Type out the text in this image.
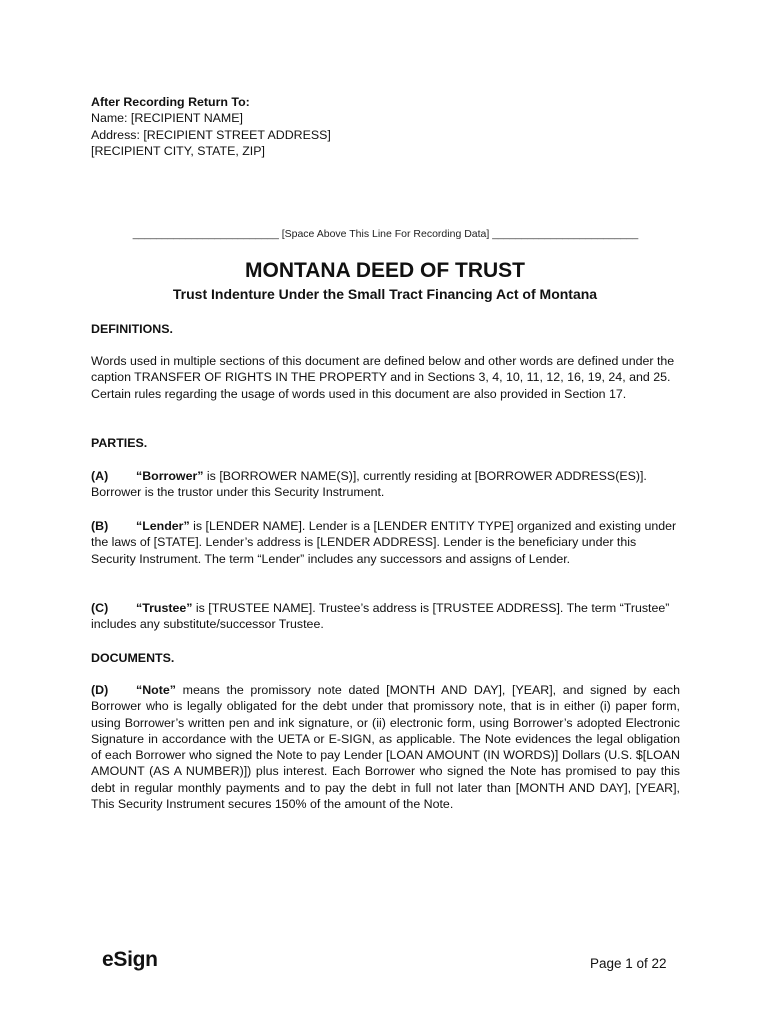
After Recording Return To:
Name: [RECIPIENT NAME]
Address: [RECIPIENT STREET ADDRESS]
[RECIPIENT CITY, STATE, ZIP]
_________________________ [Space Above This Line For Recording Data] _________________________
MONTANA DEED OF TRUST
Trust Indenture Under the Small Tract Financing Act of Montana
DEFINITIONS.
Words used in multiple sections of this document are defined below and other words are defined under the caption TRANSFER OF RIGHTS IN THE PROPERTY and in Sections 3, 4, 10, 11, 12, 16, 19, 24, and 25. Certain rules regarding the usage of words used in this document are also provided in Section 17.
PARTIES.
(A) “Borrower” is [BORROWER NAME(S)], currently residing at [BORROWER ADDRESS(ES)]. Borrower is the trustor under this Security Instrument.
(B) “Lender” is [LENDER NAME]. Lender is a [LENDER ENTITY TYPE] organized and existing under the laws of [STATE]. Lender’s address is [LENDER ADDRESS]. Lender is the beneficiary under this Security Instrument. The term “Lender” includes any successors and assigns of Lender.
(C) “Trustee” is [TRUSTEE NAME]. Trustee’s address is [TRUSTEE ADDRESS]. The term “Trustee” includes any substitute/successor Trustee.
DOCUMENTS.
(D) “Note” means the promissory note dated [MONTH AND DAY], [YEAR], and signed by each Borrower who is legally obligated for the debt under that promissory note, that is in either (i) paper form, using Borrower’s written pen and ink signature, or (ii) electronic form, using Borrower’s adopted Electronic Signature in accordance with the UETA or E-SIGN, as applicable. The Note evidences the legal obligation of each Borrower who signed the Note to pay Lender [LOAN AMOUNT (IN WORDS)] Dollars (U.S. $[LOAN AMOUNT (AS A NUMBER)]) plus interest. Each Borrower who signed the Note has promised to pay this debt in regular monthly payments and to pay the debt in full not later than [MONTH AND DAY], [YEAR], This Security Instrument secures 150% of the amount of the Note.
eSign	Page 1 of 22
